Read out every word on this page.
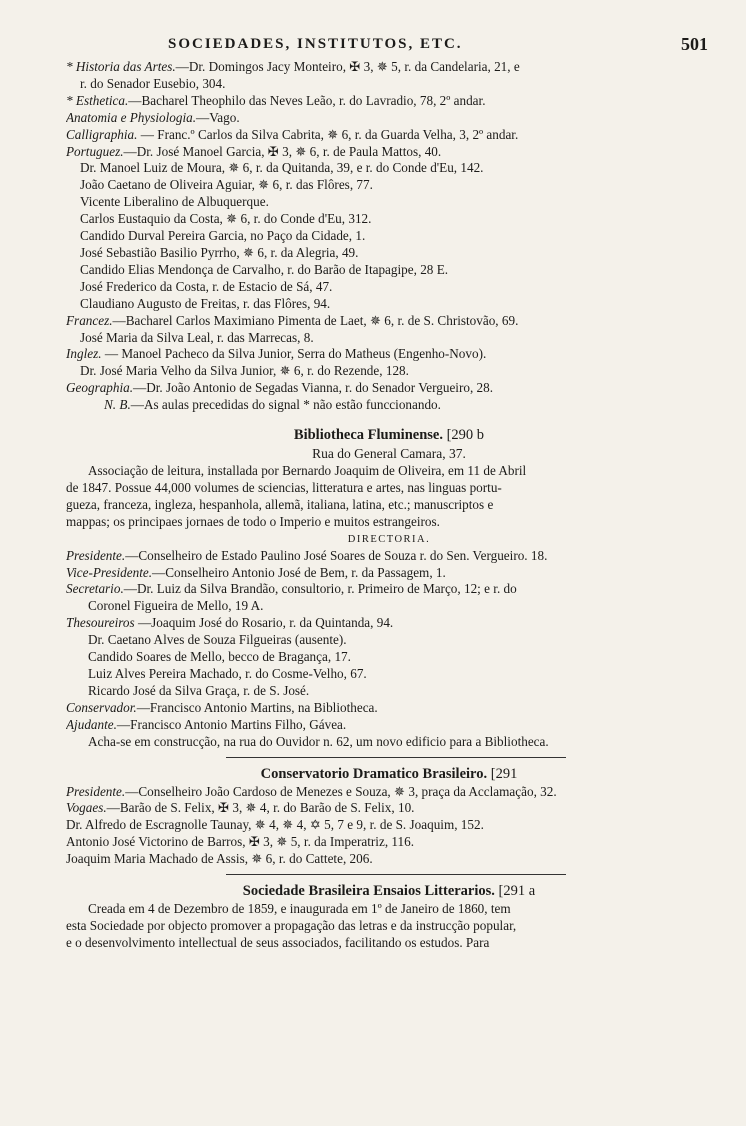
SOCIEDADES, INSTITUTOS, ETC.	501
* Historia das Artes.—Dr. Domingos Jacy Monteiro, ✠ 3, ✵ 5, r. da Candelaria, 21, e
r. do Senador Eusebio, 304.
* Esthetica.—Bacharel Theophilo das Neves Leão, r. do Lavradio, 78, 2º andar.
Anatomia e Physiologia.—Vago.
Calligraphia. — Franc.º Carlos da Silva Cabrita, ✵ 6, r. da Guarda Velha, 3, 2º andar.
Portuguez.—Dr. José Manoel Garcia, ✠ 3, ✵ 6, r. de Paula Mattos, 40.
Dr. Manoel Luiz de Moura, ✵ 6, r. da Quitanda, 39, e r. do Conde d'Eu, 142.
João Caetano de Oliveira Aguiar, ✵ 6, r. das Flôres, 77.
Vicente Liberalino de Albuquerque.
Carlos Eustaquio da Costa, ✵ 6, r. do Conde d'Eu, 312.
Candido Durval Pereira Garcia, no Paço da Cidade, 1.
José Sebastião Basilio Pyrrho, ✵ 6, r. da Alegria, 49.
Candido Elias Mendonça de Carvalho, r. do Barão de Itapagipe, 28 E.
José Frederico da Costa, r. de Estacio de Sá, 47.
Claudiano Augusto de Freitas, r. das Flôres, 94.
Francez.—Bacharel Carlos Maximiano Pimenta de Laet, ✵ 6, r. de S. Christovão, 69.
José Maria da Silva Leal, r. das Marrecas, 8.
Inglez. — Manoel Pacheco da Silva Junior, Serra do Matheus (Engenho-Novo).
Dr. José Maria Velho da Silva Junior, ✵ 6, r. do Rezende, 128.
Geographia.—Dr. João Antonio de Segadas Vianna, r. do Senador Vergueiro, 28.
N. B.—As aulas precedidas do signal * não estão funccionando.
Bibliotheca Fluminense. [290 b
Rua do General Camara, 37.
Associação de leitura, installada por Bernardo Joaquim de Oliveira, em 11 de Abril
de 1847. Possue 44,000 volumes de sciencias, litteratura e artes, nas linguas portu-
gueza, franceza, ingleza, hespanhola, allemã, italiana, latina, etc.; manuscriptos e
mappas; os principaes jornaes de todo o Imperio e muitos estrangeiros.
DIRECTORIA.
Presidente.—Conselheiro de Estado Paulino José Soares de Souza r. do Sen. Vergueiro. 18.
Vice-Presidente.—Conselheiro Antonio José de Bem, r. da Passagem, 1.
Secretario.—Dr. Luiz da Silva Brandão, consultorio, r. Primeiro de Março, 12; e r. do
Coronel Figueira de Mello, 19 A.
Thesoureiros —Joaquim José do Rosario, r. da Quintanda, 94.
Dr. Caetano Alves de Souza Filgueiras (ausente).
Candido Soares de Mello, becco de Bragança, 17.
Luiz Alves Pereira Machado, r. do Cosme-Velho, 67.
Ricardo José da Silva Graça, r. de S. José.
Conservador.—Francisco Antonio Martins, na Bibliotheca.
Ajudante.—Francisco Antonio Martins Filho, Gávea.
Acha-se em construcção, na rua do Ouvidor n. 62, um novo edificio para a Bibliotheca.
Conservatorio Dramatico Brasileiro. [291
Presidente.—Conselheiro João Cardoso de Menezes e Souza, ✵ 3, praça da Acclamação, 32.
Vogaes.—Barão de S. Felix, ✠ 3, ✵ 4, r. do Barão de S. Felix, 10.
Dr. Alfredo de Escragnolle Taunay, ✵ 4, ✵ 4, ✡ 5, 7 e 9, r. de S. Joaquim, 152.
Antonio José Victorino de Barros, ✠ 3, ✵ 5, r. da Imperatriz, 116.
Joaquim Maria Machado de Assis, ✵ 6, r. do Cattete, 206.
Sociedade Brasileira Ensaios Litterarios. [291 a
Creada em 4 de Dezembro de 1859, e inaugurada em 1º de Janeiro de 1860, tem
esta Sociedade por objecto promover a propagação das letras e da instrucção popular,
e o desenvolvimento intellectual de seus associados, facilitando os estudos. Para
